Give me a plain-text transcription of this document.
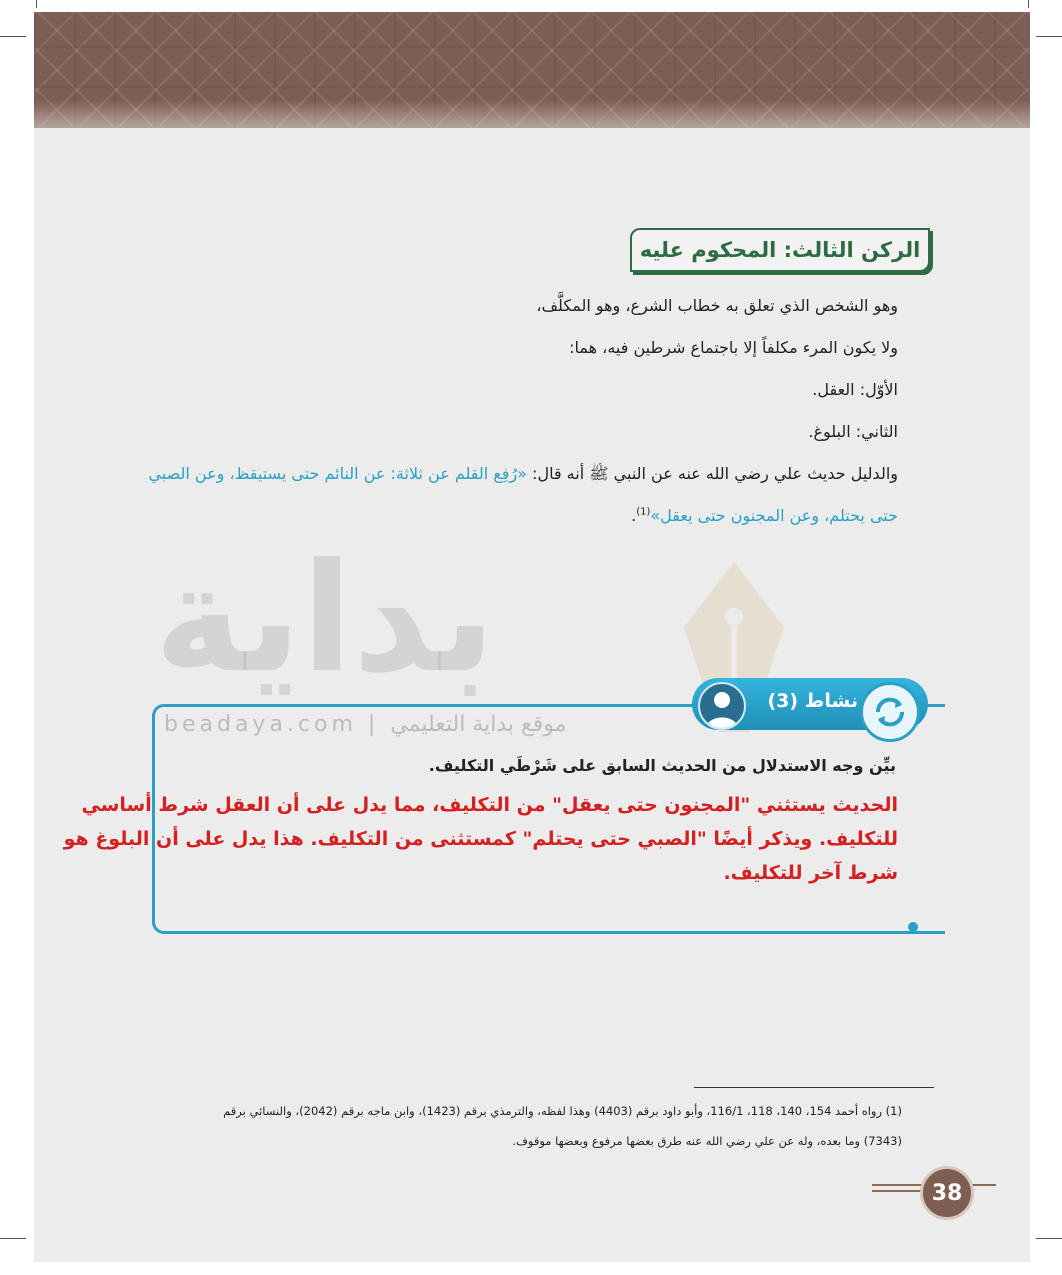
بداية
beadaya.com | موقع بداية التعليمي
الركن الثالث: المحكوم عليه
وهو الشخص الذي تعلق به خطاب الشرع، وهو المكلَّف،
ولا يكون المرء مكلفاً إلا باجتماع شرطين فيه، هما:
الأوّل: العقل.
الثاني: البلوغ.
والدليل حديث علي رضي الله عنه عن النبي ﷺ أنه قال: «رُفِع القلم عن ثلاثة: عن النائم حتى يستيقظ، وعن الصبي
حتى يحتلم، وعن المجنون حتى يعقل»$^{(1)}$.
نشاط (3)
بيِّن وجه الاستدلال من الحديث السابق على شَرْطَي التكليف.
الحديث يستثني "المجنون حتى يعقل" من التكليف، مما يدل على أن العقل شرط أساسي
للتكليف. ويذكر أيضًا "الصبي حتى يحتلم" كمستثنى من التكليف. هذا يدل على أن البلوغ هو
شرط آخر للتكليف.
(1) رواه أحمد 154، 140، 118، 116/1، وأبو داود برقم (4403) وهذا لفظه، والترمذي برقم (1423)، وابن ماجه برقم (2042)، والنسائي برقم
(7343) وما بعده، وله عن علي رضي الله عنه طرق بعضها مرفوع وبعضها موقوف.
38
